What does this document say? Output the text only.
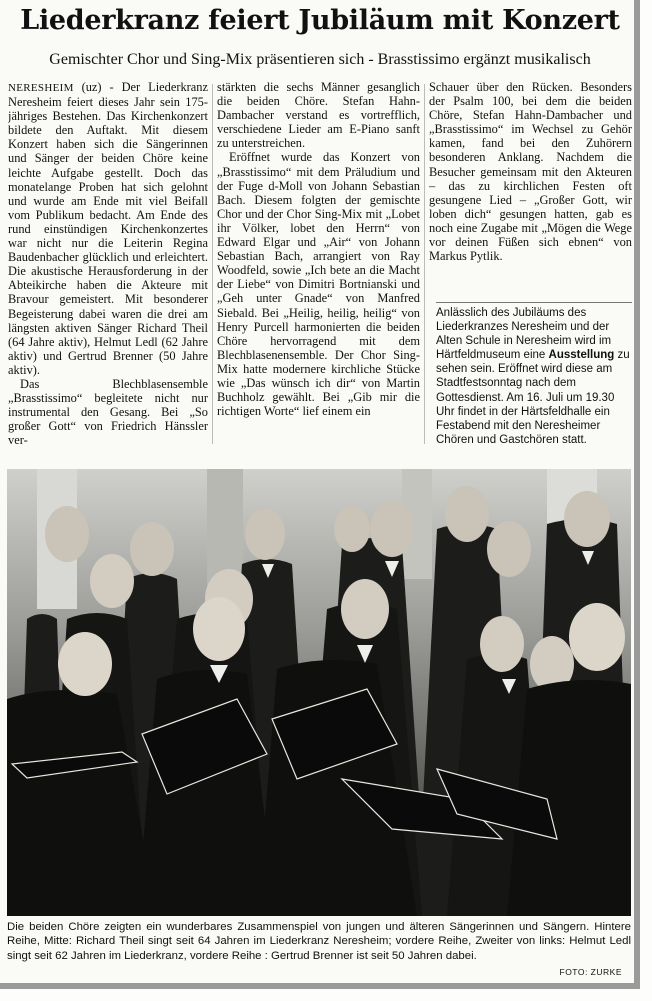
Liederkranz feiert Jubiläum mit Konzert
Gemischter Chor und Sing-Mix präsentieren sich - Brasstissimo ergänzt musikalisch

NERESHEIM (uz) - Der Liederkranz Neresheim feiert dieses Jahr sein 175-jähriges Bestehen. Das Kirchenkonzert bildete den Auftakt. Mit diesem Konzert haben sich die Sängerinnen und Sänger der beiden Chöre keine leichte Aufgabe gestellt. Doch das monatelange Proben hat sich gelohnt und wurde am Ende mit viel Beifall vom Publikum bedacht. Am Ende des rund einstündigen Kirchenkonzertes war nicht nur die Leiterin Regina Baudenbacher glücklich und erleichtert. Die akustische Herausforderung in der Abteikirche haben die Akteure mit Bravour gemeistert. Mit besonderer Begeisterung dabei waren die drei am längsten aktiven Sänger Richard Theil (64 Jahre aktiv), Helmut Ledl (62 Jahre aktiv) und Gertrud Brenner (50 Jahre aktiv).

Das Blechblasensemble „Brasstissimo“ begleitete nicht nur instrumental den Gesang. Bei „So großer Gott“ von Friedrich Hänssler ver-

stärkten die sechs Männer gesanglich die beiden Chöre. Stefan Hahn-Dambacher verstand es vortrefflich, verschiedene Lieder am E-Piano sanft zu unterstreichen.

Eröffnet wurde das Konzert von „Brasstissimo“ mit dem Präludium und der Fuge d-Moll von Johann Sebastian Bach. Diesem folgten der gemischte Chor und der Chor Sing-Mix mit „Lobet ihr Völker, lobet den Herrn“ von Edward Elgar und „Air“ von Johann Sebastian Bach, arrangiert von Ray Woodfeld, sowie „Ich bete an die Macht der Liebe“ von Dimitri Bortnianski und „Geh unter Gnade“ von Manfred Siebald. Bei „Heilig, heilig, heilig“ von Henry Purcell harmonierten die beiden Chöre hervorragend mit dem Blechblasenensemble. Der Chor Sing-Mix hatte modernere kirchliche Stücke wie „Das wünsch ich dir“ von Martin Buchholz gewählt. Bei „Gib mir die richtigen Worte“ lief einem ein

Schauer über den Rücken. Besonders der Psalm 100, bei dem die beiden Chöre, Stefan Hahn-Dambacher und „Brasstissimo“ im Wechsel zu Gehör kamen, fand bei den Zuhörern besonderen Anklang. Nachdem die Besucher gemeinsam mit den Akteuren – das zu kirchlichen Festen oft gesungene Lied – „Großer Gott, wir loben dich“ gesungen hatten, gab es noch eine Zugabe mit „Mögen die Wege vor deinen Füßen sich ebnen“ von Markus Pytlik.

Anlässlich des Jubiläums des Liederkranzes Neresheim und der Alten Schule in Neresheim wird im Härtfeldmuseum eine Ausstellung zu sehen sein. Eröffnet wird diese am Stadtfestsonntag nach dem Gottesdienst. Am 16. Juli um 19.30 Uhr findet in der Härtsfeldhalle ein Festabend mit den Neresheimer Chören und Gastchören statt.
Die beiden Chöre zeigten ein wunderbares Zusammenspiel von jungen und älteren Sängerinnen und Sängern. Hintere Reihe, Mitte: Richard Theil singt seit 64 Jahren im Liederkranz Neresheim; vordere Reihe, Zweiter von links: Helmut Ledl singt seit 62 Jahren im Liederkranz, vordere Reihe : Gertrud Brenner ist seit 50 Jahren dabei.
FOTO: ZURKE
